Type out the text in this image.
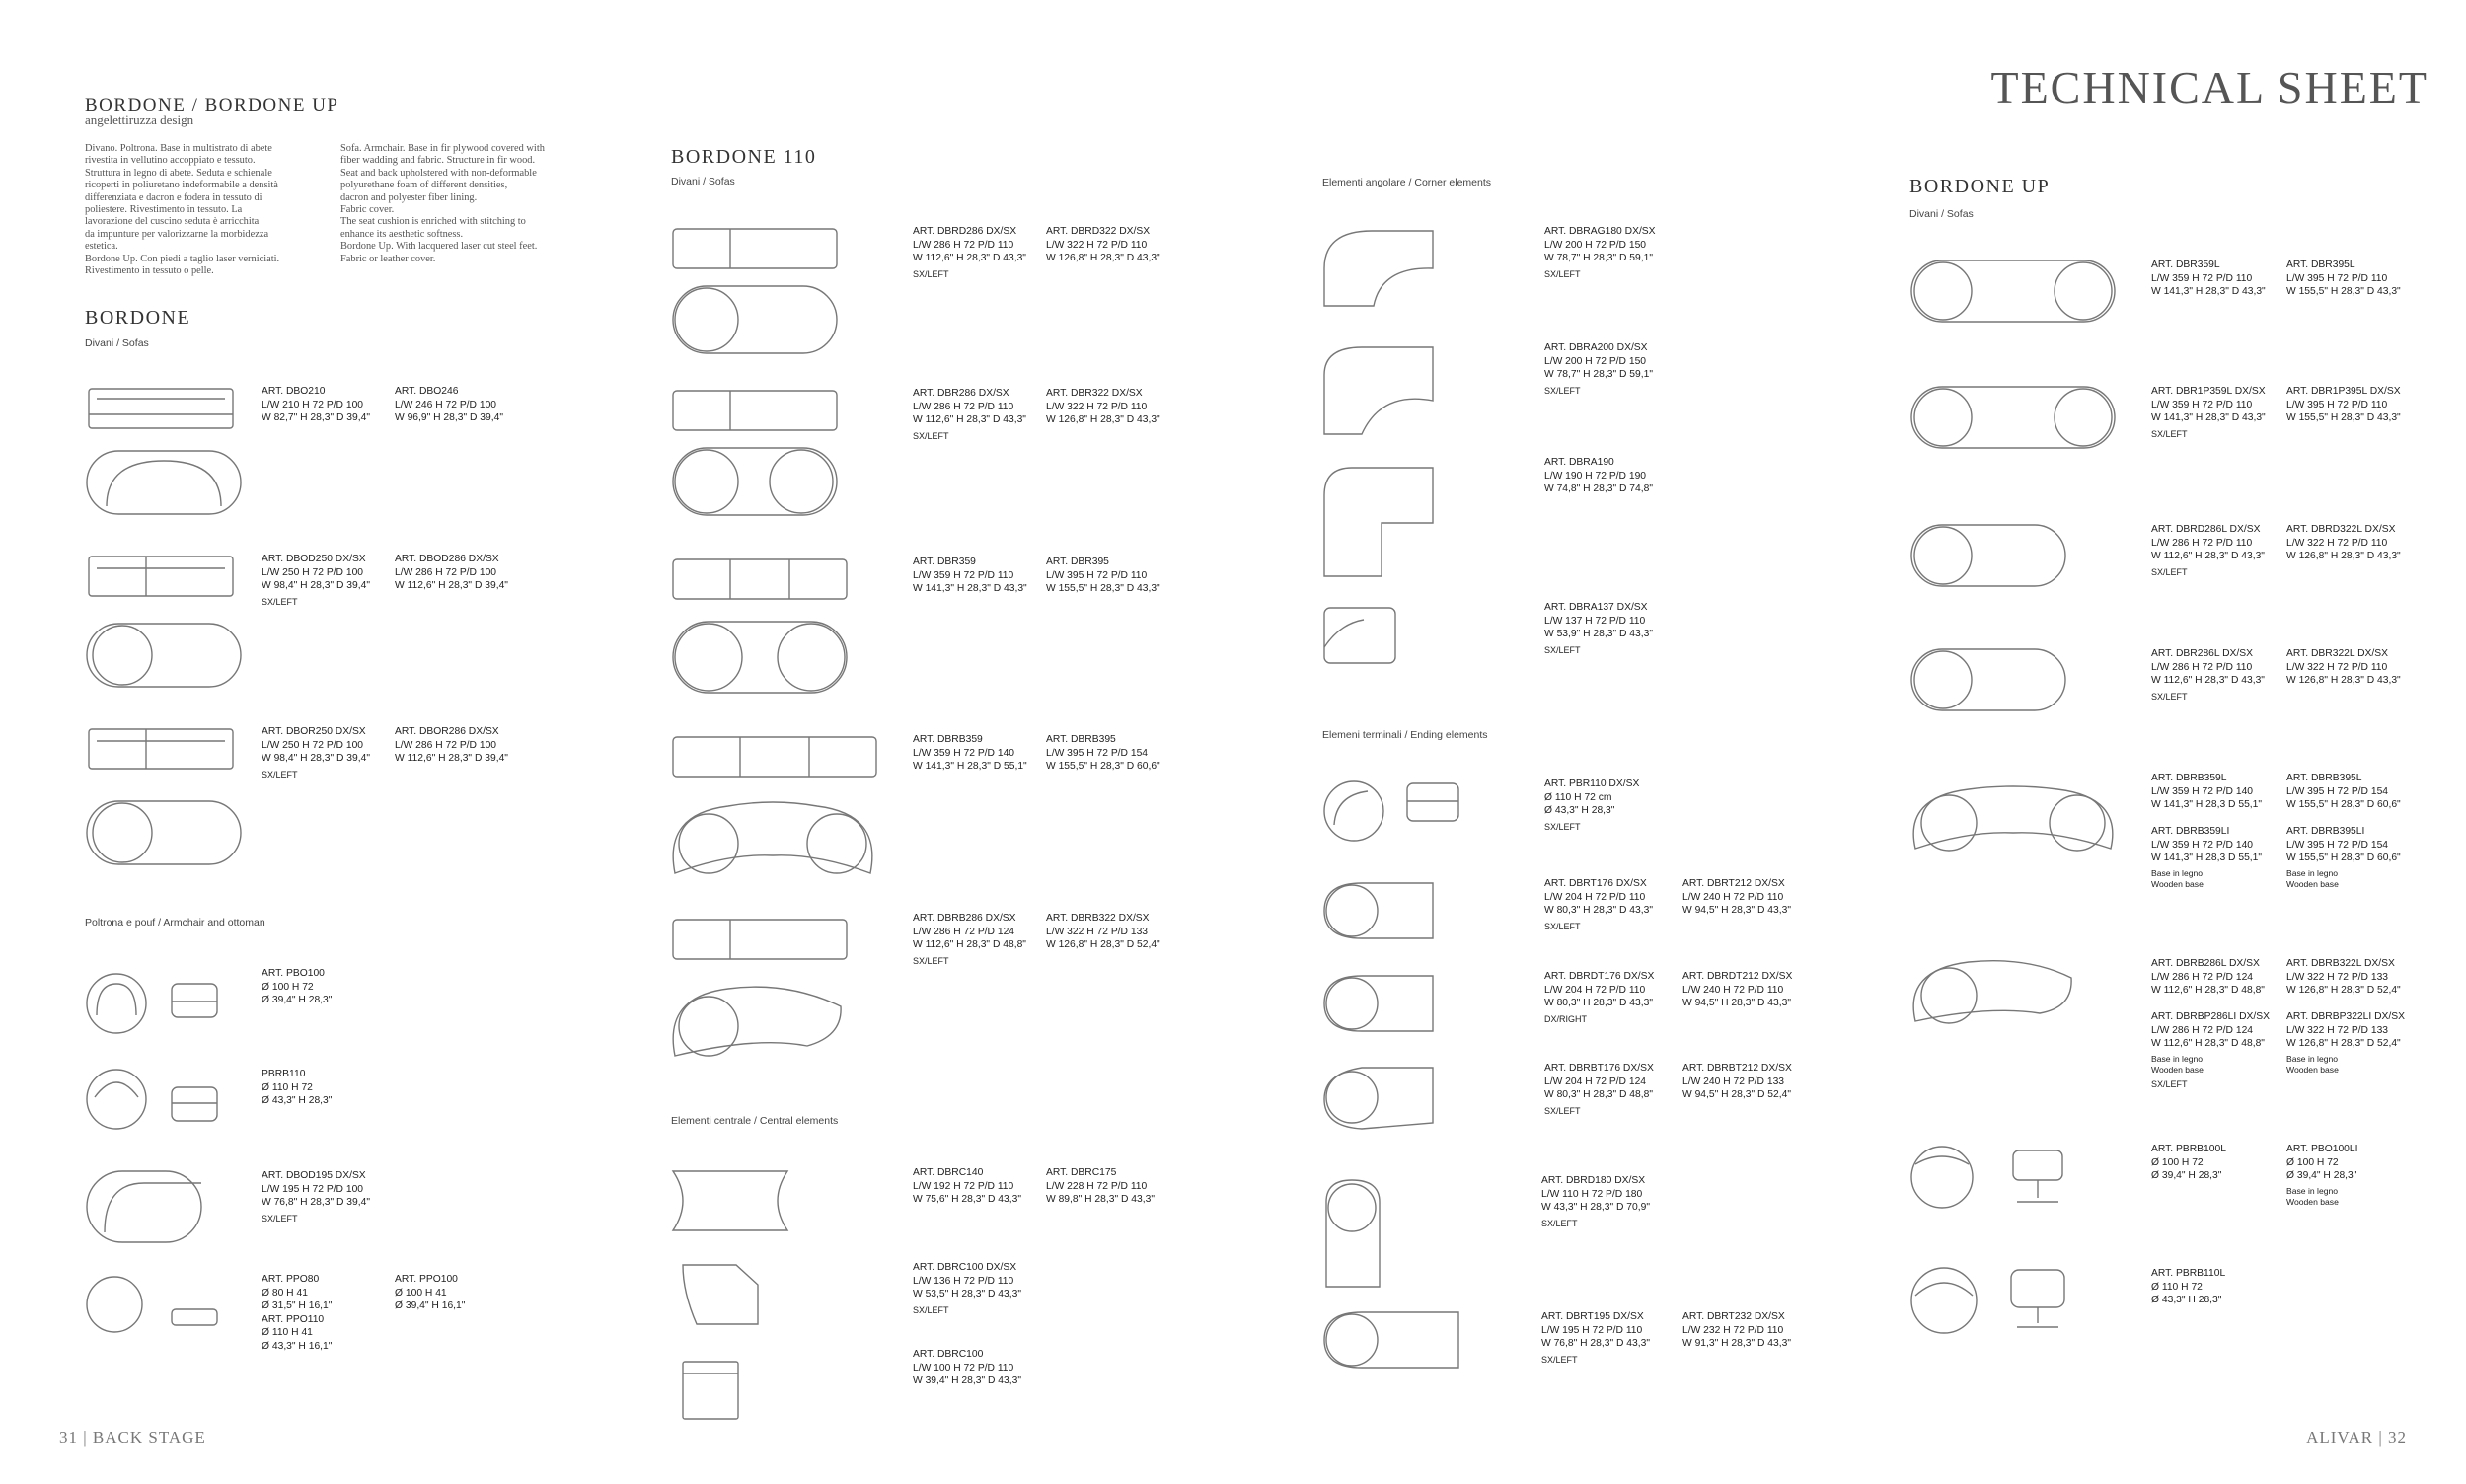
TECHNICAL SHEET
BORDONE / BORDONE UP
angelettiruzza design
Divano. Poltrona. Base in multistrato di abete
rivestita in vellutino accoppiato e tessuto.
Struttura in legno di abete. Seduta e schienale
ricoperti in poliuretano indeformabile a densità
differenziata e dacron e fodera in tessuto di
poliestere. Rivestimento in tessuto. La
lavorazione del cuscino seduta è arricchita
da impunture per valorizzarne la morbidezza
estetica.
Bordone Up. Con piedi a taglio laser verniciati.
Rivestimento in tessuto o pelle.
Sofa. Armchair. Base in fir plywood covered with
fiber wadding and fabric. Structure in fir wood.
Seat and back upholstered with non-deformable
polyurethane foam of different densities,
dacron and polyester fiber lining.
Fabric cover.
The seat cushion is enriched with stitching to
enhance its aesthetic softness.
Bordone Up. With lacquered laser cut steel feet.
Fabric or leather cover.
BORDONE
Divani / Sofas
Poltrona e pouf / Armchair and ottoman
BORDONE 110
Divani / Sofas
Elementi centrale / Central elements
Elementi angolare / Corner elements
Elemeni terminali / Ending elements
BORDONE UP
Divani / Sofas
31 | BACK STAGE	ALIVAR | 32
ART. DBO210
L/W 210 H 72 P/D 100
W 82,7" H 28,3" D 39,4"
ART. DBO246
L/W 246 H 72 P/D 100
W 96,9" H 28,3" D 39,4"
ART. DBOD250 DX/SX
L/W 250 H 72 P/D 100
W 98,4" H 28,3" D 39,4"
SX/LEFT
ART. DBOD286 DX/SX
L/W 286 H 72 P/D 100
W 112,6" H 28,3" D 39,4"
ART. DBOR250 DX/SX
L/W 250 H 72 P/D 100
W 98,4" H 28,3" D 39,4"
SX/LEFT
ART. DBOR286 DX/SX
L/W 286 H 72 P/D 100
W 112,6" H 28,3" D 39,4"
ART. PBO100
Ø 100 H 72
Ø 39,4" H 28,3"
PBRB110
Ø 110 H 72
Ø 43,3" H 28,3"
ART. DBOD195 DX/SX
L/W 195 H 72 P/D 100
W 76,8" H 28,3" D 39,4"
SX/LEFT
ART. PPO80
Ø 80 H 41
Ø 31,5" H 16,1"
ART. PPO110
Ø 110 H 41
Ø 43,3" H 16,1"
ART. PPO100
Ø 100 H 41
Ø 39,4" H 16,1"
ART. DBRD286 DX/SX
L/W 286 H 72 P/D 110
W 112,6" H 28,3" D 43,3"
SX/LEFT
ART. DBRD322 DX/SX
L/W 322 H 72 P/D 110
W 126,8" H 28,3" D 43,3"
ART. DBR286 DX/SX
L/W 286 H 72 P/D 110
W 112,6" H 28,3" D 43,3"
SX/LEFT
ART. DBR322 DX/SX
L/W 322 H 72 P/D 110
W 126,8" H 28,3" D 43,3"
ART. DBR359
L/W 359 H 72 P/D 110
W 141,3" H 28,3" D 43,3"
ART. DBR395
L/W 395 H 72 P/D 110
W 155,5" H 28,3" D 43,3"
ART. DBRB359
L/W 359 H 72 P/D 140
W 141,3" H 28,3" D 55,1"
ART. DBRB395
L/W 395 H 72 P/D 154
W 155,5" H 28,3" D 60,6"
ART. DBRB286 DX/SX
L/W 286 H 72 P/D 124
W 112,6" H 28,3" D 48,8"
SX/LEFT
ART. DBRB322 DX/SX
L/W 322 H 72 P/D 133
W 126,8" H 28,3" D 52,4"
ART. DBRC140
L/W 192 H 72 P/D 110
W 75,6" H 28,3" D 43,3"
ART. DBRC175
L/W 228 H 72 P/D 110
W 89,8" H 28,3" D 43,3"
ART. DBRC100 DX/SX
L/W 136 H 72 P/D 110
W 53,5" H 28,3" D 43,3"
SX/LEFT
ART. DBRC100
L/W 100 H 72 P/D 110
W 39,4" H 28,3" D 43,3"
ART. DBRAG180 DX/SX
L/W 200 H 72 P/D 150
W 78,7" H 28,3" D 59,1"
SX/LEFT
ART. DBRA200 DX/SX
L/W 200 H 72 P/D 150
W 78,7" H 28,3" D 59,1"
SX/LEFT
ART. DBRA190
L/W 190 H 72 P/D 190
W 74,8" H 28,3" D 74,8"
ART. DBRA137 DX/SX
L/W 137 H 72 P/D 110
W 53,9" H 28,3" D 43,3"
SX/LEFT
ART. PBR110 DX/SX
Ø 110 H 72 cm
Ø 43,3" H 28,3"
SX/LEFT
ART. DBRT176 DX/SX
L/W 204 H 72 P/D 110
W 80,3" H 28,3" D 43,3"
SX/LEFT
ART. DBRT212 DX/SX
L/W 240 H 72 P/D 110
W 94,5" H 28,3" D 43,3"
ART. DBRDT176 DX/SX
L/W 204 H 72 P/D 110
W 80,3" H 28,3" D 43,3"
DX/RIGHT
ART. DBRDT212 DX/SX
L/W 240 H 72 P/D 110
W 94,5" H 28,3" D 43,3"
ART. DBRBT176 DX/SX
L/W 204 H 72 P/D 124
W 80,3" H 28,3" D 48,8"
SX/LEFT
ART. DBRBT212 DX/SX
L/W 240 H 72 P/D 133
W 94,5" H 28,3" D 52,4"
ART. DBRD180 DX/SX
L/W 110 H 72 P/D 180
W 43,3" H 28,3" D 70,9"
SX/LEFT
ART. DBRT195 DX/SX
L/W 195 H 72 P/D 110
W 76,8" H 28,3" D 43,3"
SX/LEFT
ART. DBRT232 DX/SX
L/W 232 H 72 P/D 110
W 91,3" H 28,3" D 43,3"
ART. DBR359L
L/W 359 H 72 P/D 110
W 141,3" H 28,3" D 43,3"
ART. DBR395L
L/W 395 H 72 P/D 110
W 155,5" H 28,3" D 43,3"
ART. DBR1P359L DX/SX
L/W 359 H 72 P/D 110
W 141,3" H 28,3" D 43,3"
SX/LEFT
ART. DBR1P395L DX/SX
L/W 395 H 72 P/D 110
W 155,5" H 28,3" D 43,3"
ART. DBRD286L DX/SX
L/W 286 H 72 P/D 110
W 112,6" H 28,3" D 43,3"
SX/LEFT
ART. DBRD322L DX/SX
L/W 322 H 72 P/D 110
W 126,8" H 28,3" D 43,3"
ART. DBR286L DX/SX
L/W 286 H 72 P/D 110
W 112,6" H 28,3" D 43,3"
SX/LEFT
ART. DBR322L DX/SX
L/W 322 H 72 P/D 110
W 126,8" H 28,3" D 43,3"
ART. DBRB359L
L/W 359 H 72 P/D 140
W 141,3" H 28,3 D 55,1"

ART. DBRB359LI
L/W 359 H 72 P/D 140
W 141,3" H 28,3 D 55,1"
Base in legno
Wooden base
ART. DBRB395L
L/W 395 H 72 P/D 154
W 155,5" H 28,3" D 60,6"

ART. DBRB395LI
L/W 395 H 72 P/D 154
W 155,5" H 28,3" D 60,6"
Base in legno
Wooden base
ART. DBRB286L DX/SX
L/W 286 H 72 P/D 124
W 112,6" H 28,3" D 48,8"

ART. DBRBP286LI DX/SX
L/W 286 H 72 P/D 124
W 112,6" H 28,3" D 48,8"
Base in legno
Wooden base
SX/LEFT
ART. DBRB322L DX/SX
L/W 322 H 72 P/D 133
W 126,8" H 28,3" D 52,4"

ART. DBRBP322LI DX/SX
L/W 322 H 72 P/D 133
W 126,8" H 28,3" D 52,4"
Base in legno
Wooden base
ART. PBRB100L
Ø 100 H 72
Ø 39,4" H 28,3"
ART. PBO100LI
Ø 100 H 72
Ø 39,4" H 28,3"
Base in legno
Wooden base
ART. PBRB110L
Ø 110 H 72
Ø 43,3" H 28,3"
